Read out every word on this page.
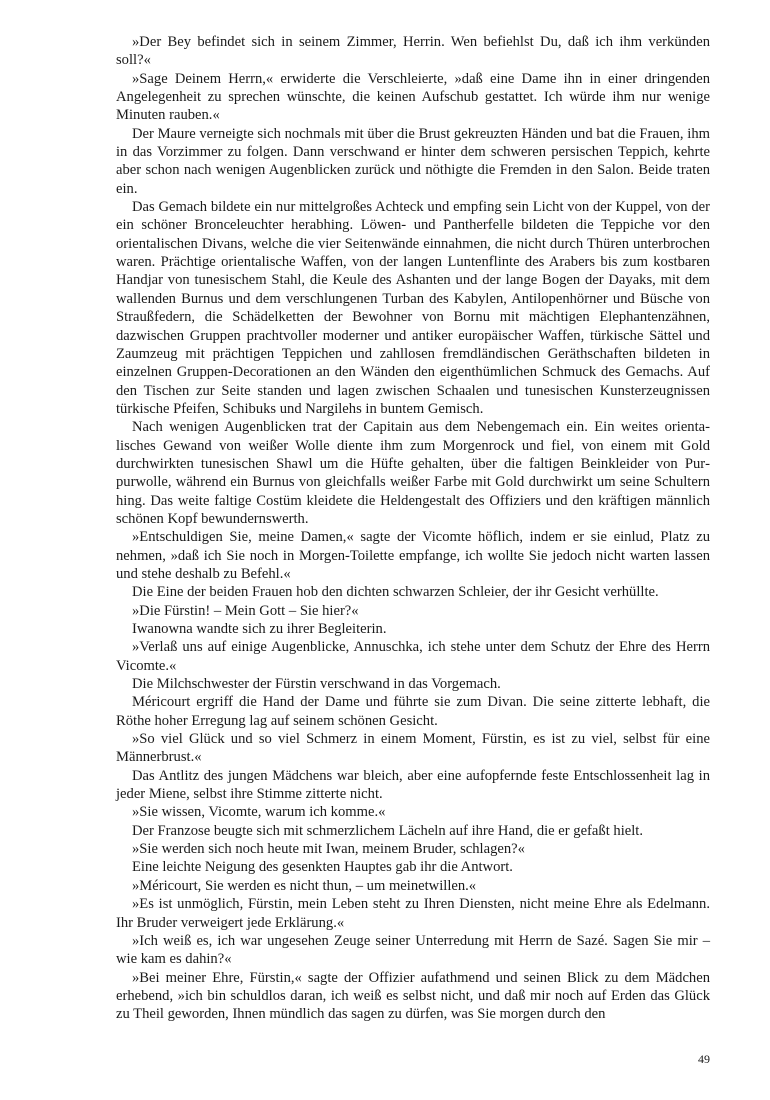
»Der Bey befindet sich in seinem Zimmer, Herrin. Wen befiehlst Du, daß ich ihm verkünden soll?«

»Sage Deinem Herrn,« erwiderte die Verschleierte, »daß eine Dame ihn in einer dringenden Angelegenheit zu sprechen wünschte, die keinen Aufschub gestattet. Ich würde ihm nur wenige Minuten rauben.«

Der Maure verneigte sich nochmals mit über die Brust gekreuzten Händen und bat die Frauen, ihm in das Vorzimmer zu folgen. Dann verschwand er hinter dem schweren persischen Teppich, kehrte aber schon nach wenigen Augenblicken zurück und nöthigte die Fremden in den Salon. Beide traten ein.

Das Gemach bildete ein nur mittelgroßes Achteck und empfing sein Licht von der Kuppel, von der ein schöner Bronceleuchter herabhing. Löwen- und Pantherfelle bildeten die Teppiche vor den orientalischen Divans, welche die vier Seitenwände einnahmen, die nicht durch Thüren unterbrochen waren. Prächtige orientalische Waffen, von der langen Luntenflinte des Arabers bis zum kostbaren Handjar von tunesischem Stahl, die Keule des Ashanten und der lange Bogen der Dayaks, mit dem wallenden Burnus und dem verschlungenen Turban des Kabylen, Antilopenhörner und Büsche von Straußfedern, die Schädelketten der Bewohner von Bornu mit mächtigen Elephantenzähnen, dazwischen Gruppen prachtvoller moderner und antiker europäischer Waffen, türkische Sättel und Zaumzeug mit prächtigen Teppichen und zahllosen fremdländischen Geräthschaften bildeten in einzelnen Gruppen-Decorationen an den Wänden den eigenthümlichen Schmuck des Gemachs. Auf den Tischen zur Seite standen und lagen zwischen Schaalen und tunesischen Kunsterzeugnissen türkische Pfeifen, Schibuks und Nargilehs in buntem Gemisch.

Nach wenigen Augenblicken trat der Capitain aus dem Nebengemach ein. Ein weites orientalisches Gewand von weißer Wolle diente ihm zum Morgenrock und fiel, von einem mit Gold durchwirkten tunesischen Shawl um die Hüfte gehalten, über die faltigen Beinkleider von Purpurwolle, während ein Burnus von gleichfalls weißer Farbe mit Gold durchwirkt um seine Schultern hing. Das weite faltige Costüm kleidete die Heldengestalt des Offiziers und den kräftigen männlich schönen Kopf bewundernswerth.

»Entschuldigen Sie, meine Damen,« sagte der Vicomte höflich, indem er sie einlud, Platz zu nehmen, »daß ich Sie noch in Morgen-Toilette empfange, ich wollte Sie jedoch nicht warten lassen und stehe deshalb zu Befehl.«

Die Eine der beiden Frauen hob den dichten schwarzen Schleier, der ihr Gesicht verhüllte.

»Die Fürstin! – Mein Gott – Sie hier?«

Iwanowna wandte sich zu ihrer Begleiterin.

»Verlaß uns auf einige Augenblicke, Annuschka, ich stehe unter dem Schutz der Ehre des Herrn Vicomte.«

Die Milchschwester der Fürstin verschwand in das Vorgemach.

Méricourt ergriff die Hand der Dame und führte sie zum Divan. Die seine zitterte lebhaft, die Röthe hoher Erregung lag auf seinem schönen Gesicht.

»So viel Glück und so viel Schmerz in einem Moment, Fürstin, es ist zu viel, selbst für eine Männerbrust.«

Das Antlitz des jungen Mädchens war bleich, aber eine aufopfernde feste Entschlossenheit lag in jeder Miene, selbst ihre Stimme zitterte nicht.

»Sie wissen, Vicomte, warum ich komme.«

Der Franzose beugte sich mit schmerzlichem Lächeln auf ihre Hand, die er gefaßt hielt.

»Sie werden sich noch heute mit Iwan, meinem Bruder, schlagen?«

Eine leichte Neigung des gesenkten Hauptes gab ihr die Antwort.

»Méricourt, Sie werden es nicht thun, – um meinetwillen.«

»Es ist unmöglich, Fürstin, mein Leben steht zu Ihren Diensten, nicht meine Ehre als Edelmann. Ihr Bruder verweigert jede Erklärung.«

»Ich weiß es, ich war ungesehen Zeuge seiner Unterredung mit Herrn de Sazé. Sagen Sie mir – wie kam es dahin?«

»Bei meiner Ehre, Fürstin,« sagte der Offizier aufathmend und seinen Blick zu dem Mädchen erhebend, »ich bin schuldlos daran, ich weiß es selbst nicht, und daß mir noch auf Erden das Glück zu Theil geworden, Ihnen mündlich das sagen zu dürfen, was Sie morgen durch den

49
